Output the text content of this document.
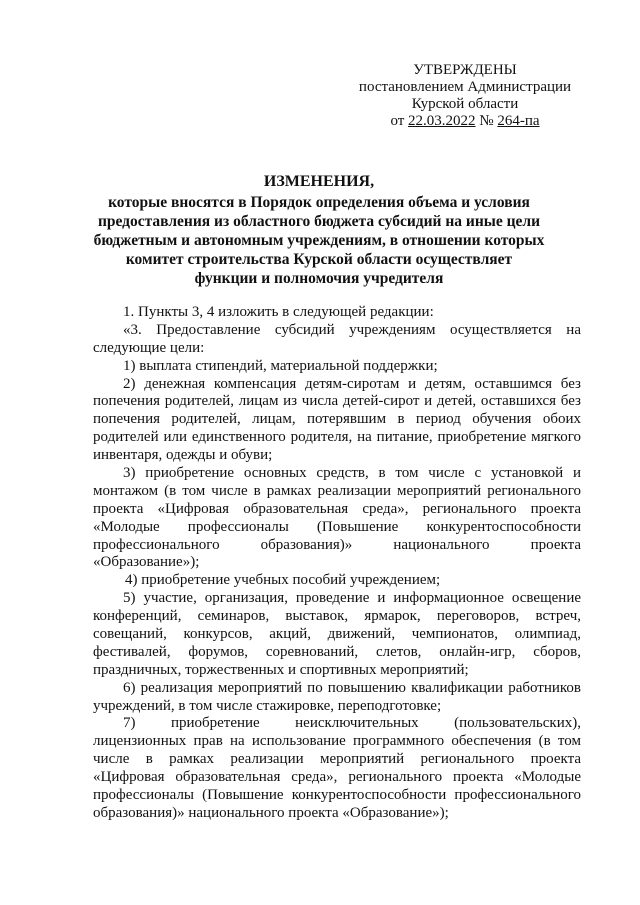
УТВЕРЖДЕНЫ
постановлением Администрации
Курской области
от 22.03.2022 № 264-па
ИЗМЕНЕНИЯ,
которые вносятся в Порядок определения объема и условия
предоставления из областного бюджета субсидий на иные цели
бюджетным и автономным учреждениям, в отношении которых
комитет строительства Курской области осуществляет
функции и полномочия учредителя
1. Пункты 3, 4 изложить в следующей редакции:
«3. Предоставление субсидий учреждениям осуществляется на
следующие цели:
1) выплата стипендий, материальной поддержки;
2) денежная компенсация детям-сиротам и детям, оставшимся без
попечения родителей, лицам из числа детей-сирот и детей, оставшихся без
попечения родителей, лицам, потерявшим в период обучения обоих
родителей или единственного родителя, на питание, приобретение мягкого
инвентаря, одежды и обуви;
3) приобретение основных средств, в том числе с установкой и
монтажом (в том числе в рамках реализации мероприятий регионального
проекта «Цифровая образовательная среда», регионального проекта
«Молодые профессионалы (Повышение конкурентоспособности
профессионального образования)» национального проекта
«Образование»);
4) приобретение учебных пособий учреждением;
5) участие, организация, проведение и информационное освещение
конференций, семинаров, выставок, ярмарок, переговоров, встреч,
совещаний, конкурсов, акций, движений, чемпионатов, олимпиад,
фестивалей, форумов, соревнований, слетов, онлайн-игр, сборов,
праздничных, торжественных и спортивных мероприятий;
6) реализация мероприятий по повышению квалификации работников
учреждений, в том числе стажировке, переподготовке;
7) приобретение неисключительных (пользовательских),
лицензионных прав на использование программного обеспечения (в том
числе в рамках реализации мероприятий регионального проекта
«Цифровая образовательная среда», регионального проекта «Молодые
профессионалы (Повышение конкурентоспособности профессионального
образования)» национального проекта «Образование»);
